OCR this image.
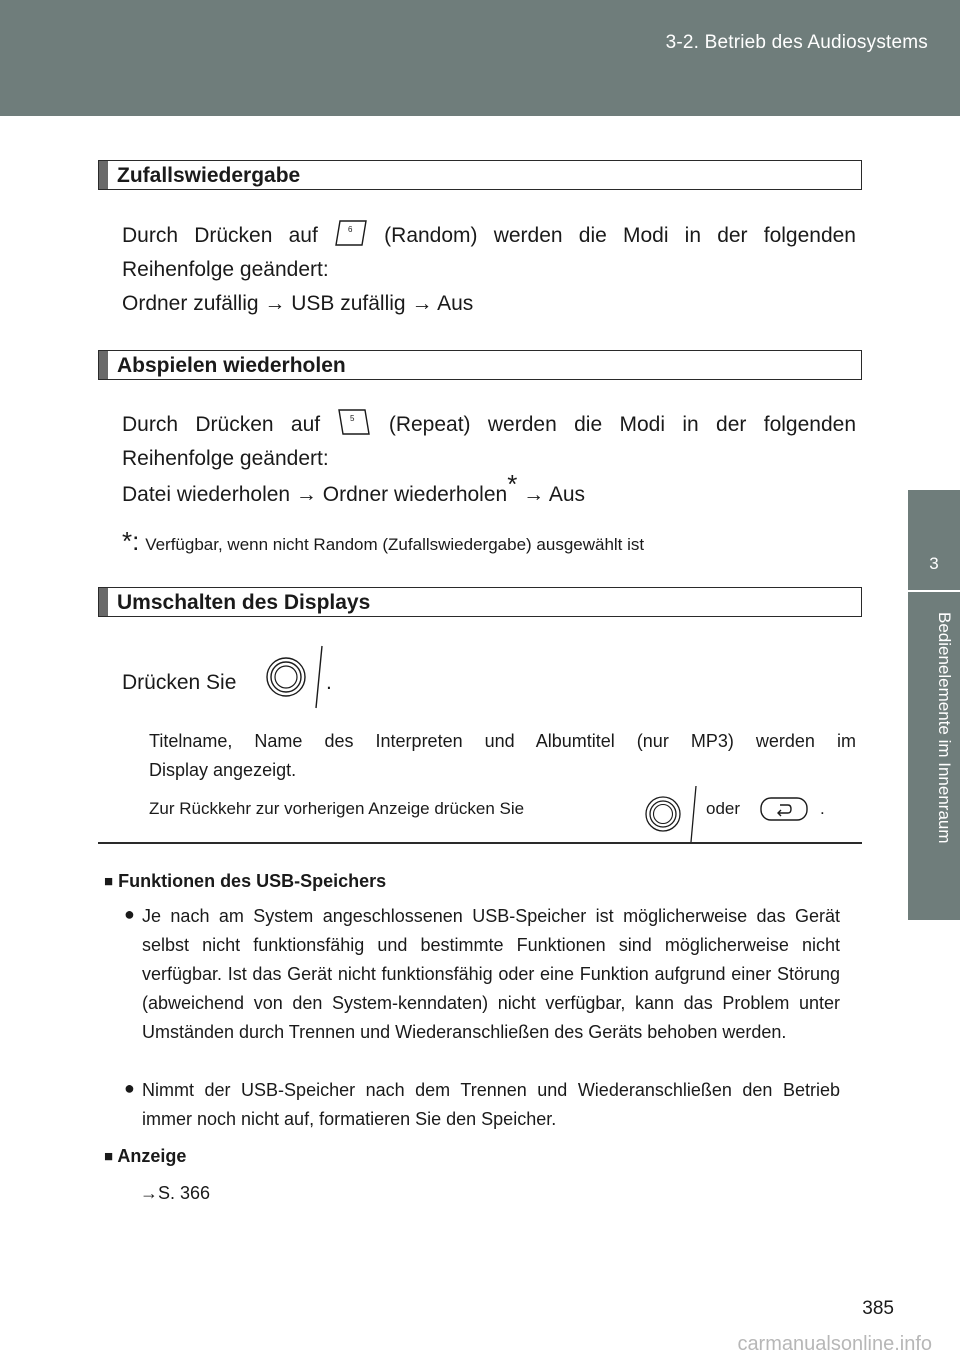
3-2. Betrieb des Audiosystems
3
Bedienelemente im Innenraum
Zufallswiedergabe
Durch Drücken auf	6 (Random) werden die Modi in der folgenden
Reihenfolge geändert:
Ordner zufällig → USB zufällig → Aus
Abspielen wiederholen
Durch Drücken auf	5 (Repeat) werden die Modi in der folgenden
Reihenfolge geändert:
Datei wiederholen → Ordner wiederholen* → Aus
*: Verfügbar, wenn nicht Random (Zufallswiedergabe) ausgewählt ist
Umschalten des Displays
Drücken Sie	.
Titelname, Name des Interpreten und Albumtitel (nur MP3) werden im
Display angezeigt.
Zur Rückkehr zur vorherigen Anzeige drücken Sie	oder	.
■ Funktionen des USB-Speichers
● Je nach am System angeschlossenen USB-Speicher ist möglicherweise das Gerät selbst nicht funktionsfähig und bestimmte Funktionen sind möglicherweise nicht verfügbar. Ist das Gerät nicht funktionsfähig oder eine Funktion aufgrund einer Störung (abweichend von den System-kenndaten) nicht verfügbar, kann das Problem unter Umständen durch Trennen und Wiederanschließen des Geräts behoben werden.
● Nimmt der USB-Speicher nach dem Trennen und Wiederanschließen den Betrieb immer noch nicht auf, formatieren Sie den Speicher.
■ Anzeige
→S. 366
385
carmanualsonline.info
